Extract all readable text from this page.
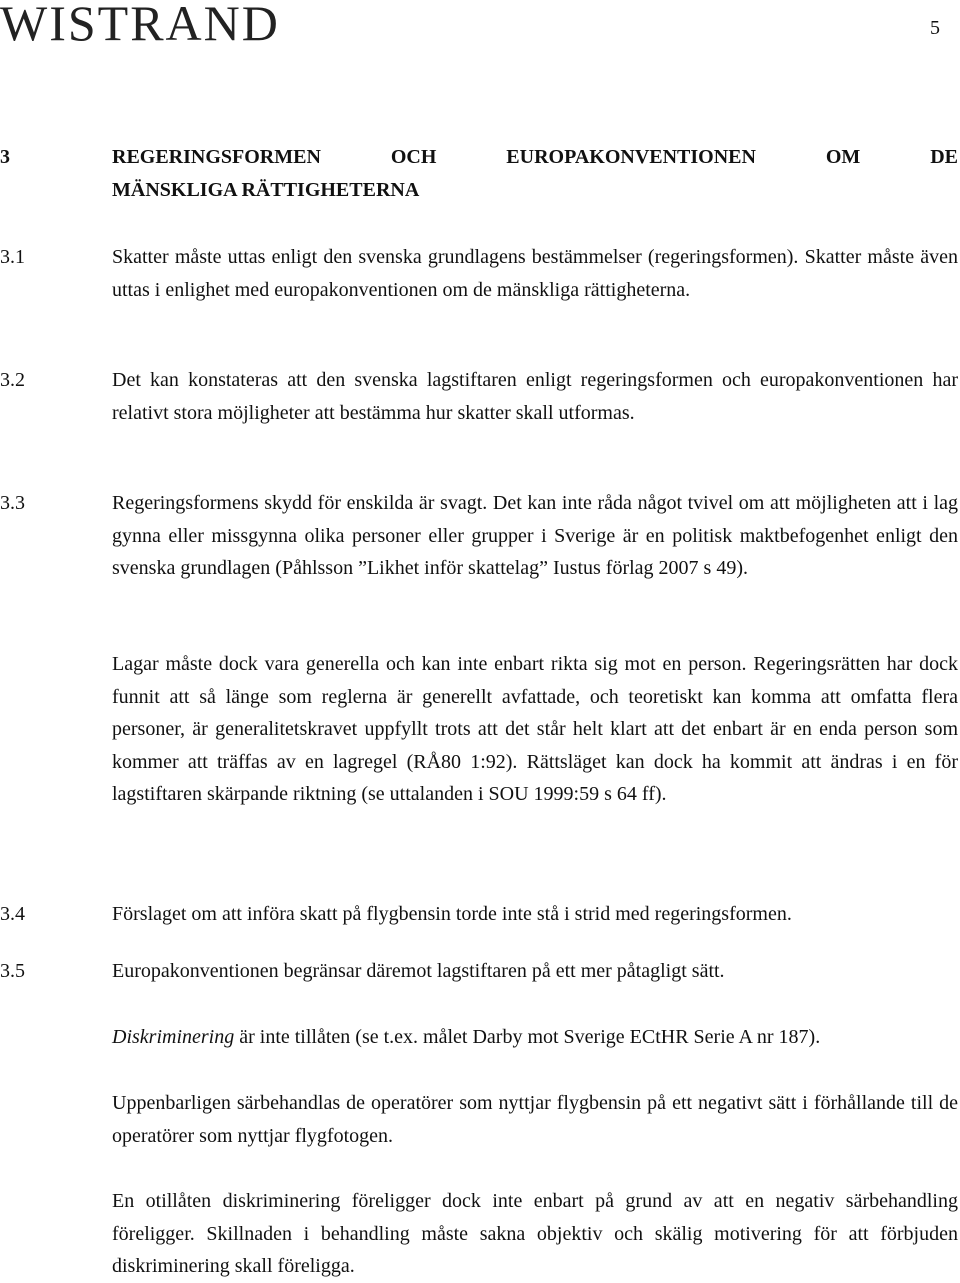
WISTRAND	5
3	REGERINGSFORMEN OCH EUROPAKONVENTIONEN OM DE
MÄNSKLIGA RÄTTIGHETERNA
3.1	Skatter måste uttas enligt den svenska grundlagens bestämmelser (regeringsformen). Skatter måste även uttas i enlighet med europakonventionen om de mänskliga rättigheterna.
3.2	Det kan konstateras att den svenska lagstiftaren enligt regeringsformen och europakonventionen har relativt stora möjligheter att bestämma hur skatter skall utformas.
3.3	Regeringsformens skydd för enskilda är svagt. Det kan inte råda något tvivel om att möjligheten att i lag gynna eller missgynna olika personer eller grupper i Sverige är en politisk maktbefogenhet enligt den svenska grundlagen (Påhlsson ”Likhet inför skattelag” Iustus förlag 2007 s 49).
Lagar måste dock vara generella och kan inte enbart rikta sig mot en person. Regeringsrätten har dock funnit att så länge som reglerna är generellt avfattade, och teoretiskt kan komma att omfatta flera personer, är generalitetskravet uppfyllt trots att det står helt klart att det enbart är en enda person som kommer att träffas av en lagregel (RÅ80 1:92). Rättsläget kan dock ha kommit att ändras i en för lagstiftaren skärpande riktning (se uttalanden i SOU 1999:59 s 64 ff).
3.4	Förslaget om att införa skatt på flygbensin torde inte stå i strid med regeringsformen.
3.5	Europakonventionen begränsar däremot lagstiftaren på ett mer påtagligt sätt.
Diskriminering är inte tillåten (se t.ex. målet Darby mot Sverige ECtHR Serie A nr 187).
Uppenbarligen särbehandlas de operatörer som nyttjar flygbensin på ett negativt sätt i förhållande till de operatörer som nyttjar flygfotogen.
En otillåten diskriminering föreligger dock inte enbart på grund av att en negativ särbehandling föreligger. Skillnaden i behandling måste sakna objektiv och skälig motivering för att förbjuden diskriminering skall föreligga.
